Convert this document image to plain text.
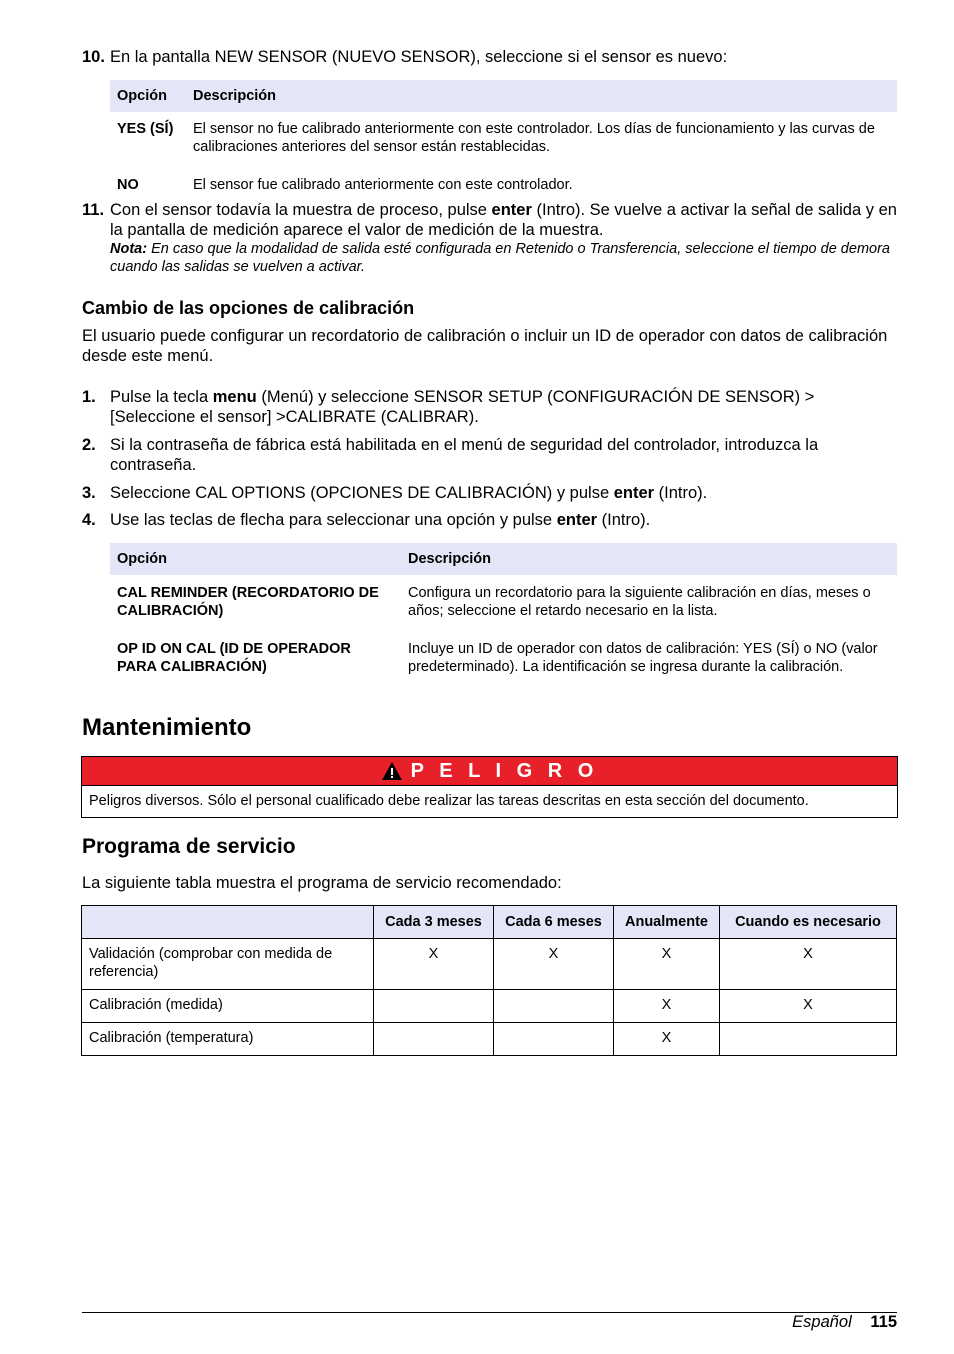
10. En la pantalla NEW SENSOR (NUEVO SENSOR), seleccione si el sensor es nuevo:
Opción	Descripción
YES (SÍ)	El sensor no fue calibrado anteriormente con este controlador. Los días de funcionamiento y las curvas de calibraciones anteriores del sensor están restablecidas.
NO	El sensor fue calibrado anteriormente con este controlador.
11. Con el sensor todavía la muestra de proceso, pulse enter (Intro). Se vuelve a activar la señal de salida y en la pantalla de medición aparece el valor de medición de la muestra.
Nota: En caso que la modalidad de salida esté configurada en Retenido o Transferencia, seleccione el tiempo de demora cuando las salidas se vuelven a activar.
Cambio de las opciones de calibración

El usuario puede configurar un recordatorio de calibración o incluir un ID de operador con datos de calibración desde este menú.

1. Pulse la tecla menu (Menú) y seleccione SENSOR SETUP (CONFIGURACIÓN DE SENSOR) > [Seleccione el sensor] >CALIBRATE (CALIBRAR).
2. Si la contraseña de fábrica está habilitada en el menú de seguridad del controlador, introduzca la contraseña.
3. Seleccione CAL OPTIONS (OPCIONES DE CALIBRACIÓN) y pulse enter (Intro).
4. Use las teclas de flecha para seleccionar una opción y pulse enter (Intro).
Opción	Descripción
CAL REMINDER (RECORDATORIO DE CALIBRACIÓN)	Configura un recordatorio para la siguiente calibración en días, meses o años; seleccione el retardo necesario en la lista.
OP ID ON CAL (ID DE OPERADOR PARA CALIBRACIÓN)	Incluye un ID de operador con datos de calibración: YES (SÍ) o NO (valor predeterminado). La identificación se ingresa durante la calibración.
Mantenimiento
P E L I G R O
Peligros diversos. Sólo el personal cualificado debe realizar las tareas descritas en esta sección del documento.
Programa de servicio

La siguiente tabla muestra el programa de servicio recomendado:

	Cada 3 meses	Cada 6 meses	Anualmente	Cuando es necesario
Validación (comprobar con medida de referencia)	X	X	X	X
Calibración (medida)			X	X
Calibración (temperatura)			X	
Español 115
